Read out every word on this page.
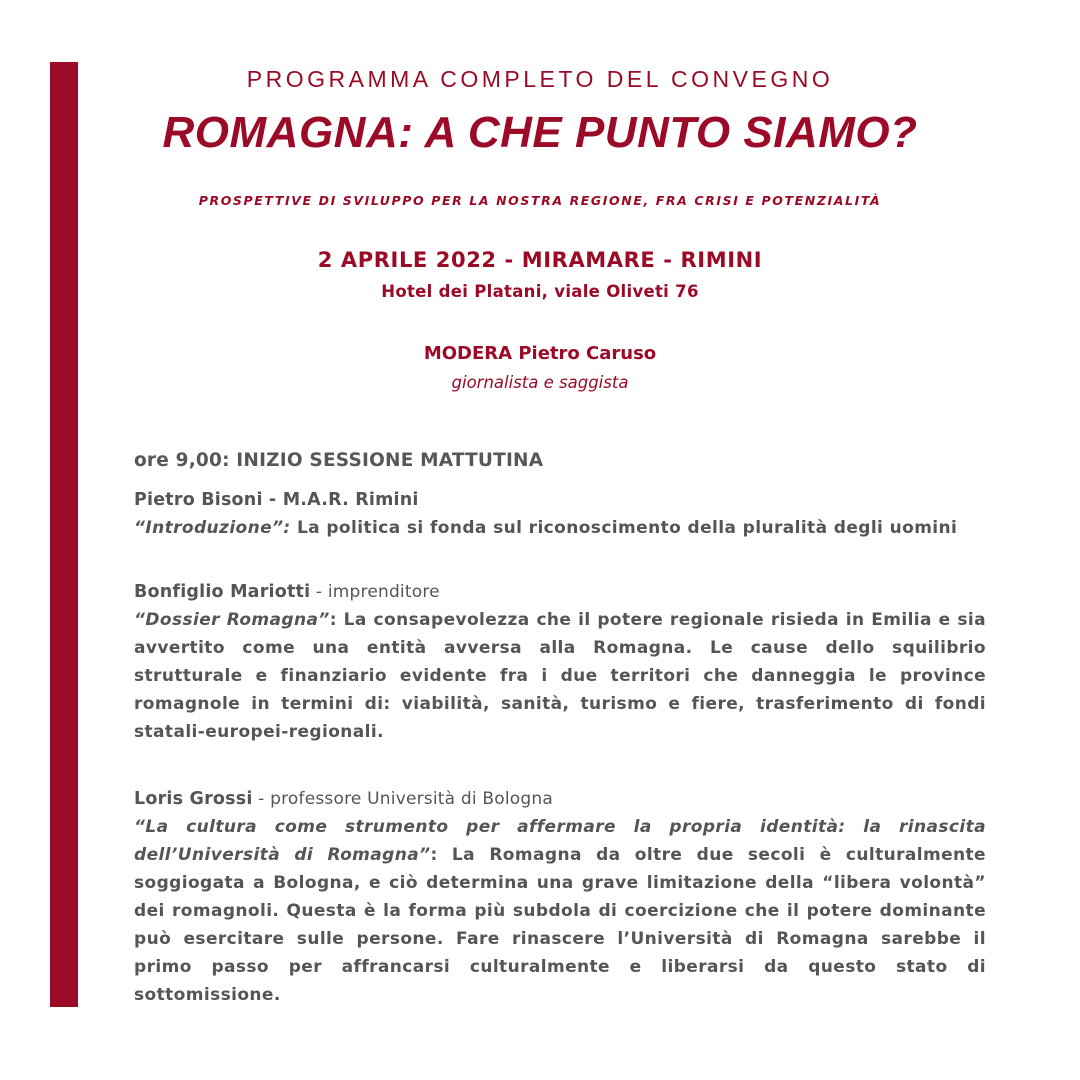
PROGRAMMA COMPLETO DEL CONVEGNO
ROMAGNA: A CHE PUNTO SIAMO?
PROSPETTIVE DI SVILUPPO PER LA NOSTRA REGIONE, FRA CRISI E POTENZIALITÀ
2 APRILE 2022 - MIRAMARE - RIMINI
Hotel dei Platani, viale Oliveti 76
MODERA Pietro Caruso
giornalista e saggista
ore 9,00: INIZIO SESSIONE MATTUTINA
Pietro Bisoni - M.A.R. Rimini
“Introduzione”: La politica si fonda sul riconoscimento della pluralità degli uomini
Bonfiglio Mariotti - imprenditore
“Dossier Romagna”: La consapevolezza che il potere regionale risieda in Emilia e sia avvertito come una entità avversa alla Romagna. Le cause dello squilibrio strutturale e finanziario evidente fra i due territori che danneggia le province romagnole in termini di: viabilità, sanità, turismo e fiere, trasferimento di fondi statali-europei-regionali.
Loris Grossi - professore Università di Bologna
“La cultura come strumento per affermare la propria identità: la rinascita dell’Università di Romagna”: La Romagna da oltre due secoli è culturalmente soggiogata a Bologna, e ciò determina una grave limitazione della “libera volontà” dei romagnoli. Questa è la forma più subdola di coercizione che il potere dominante può esercitare sulle persone. Fare rinascere l’Università di Romagna sarebbe il primo passo per affrancarsi culturalmente e liberarsi da questo stato di sottomissione.
